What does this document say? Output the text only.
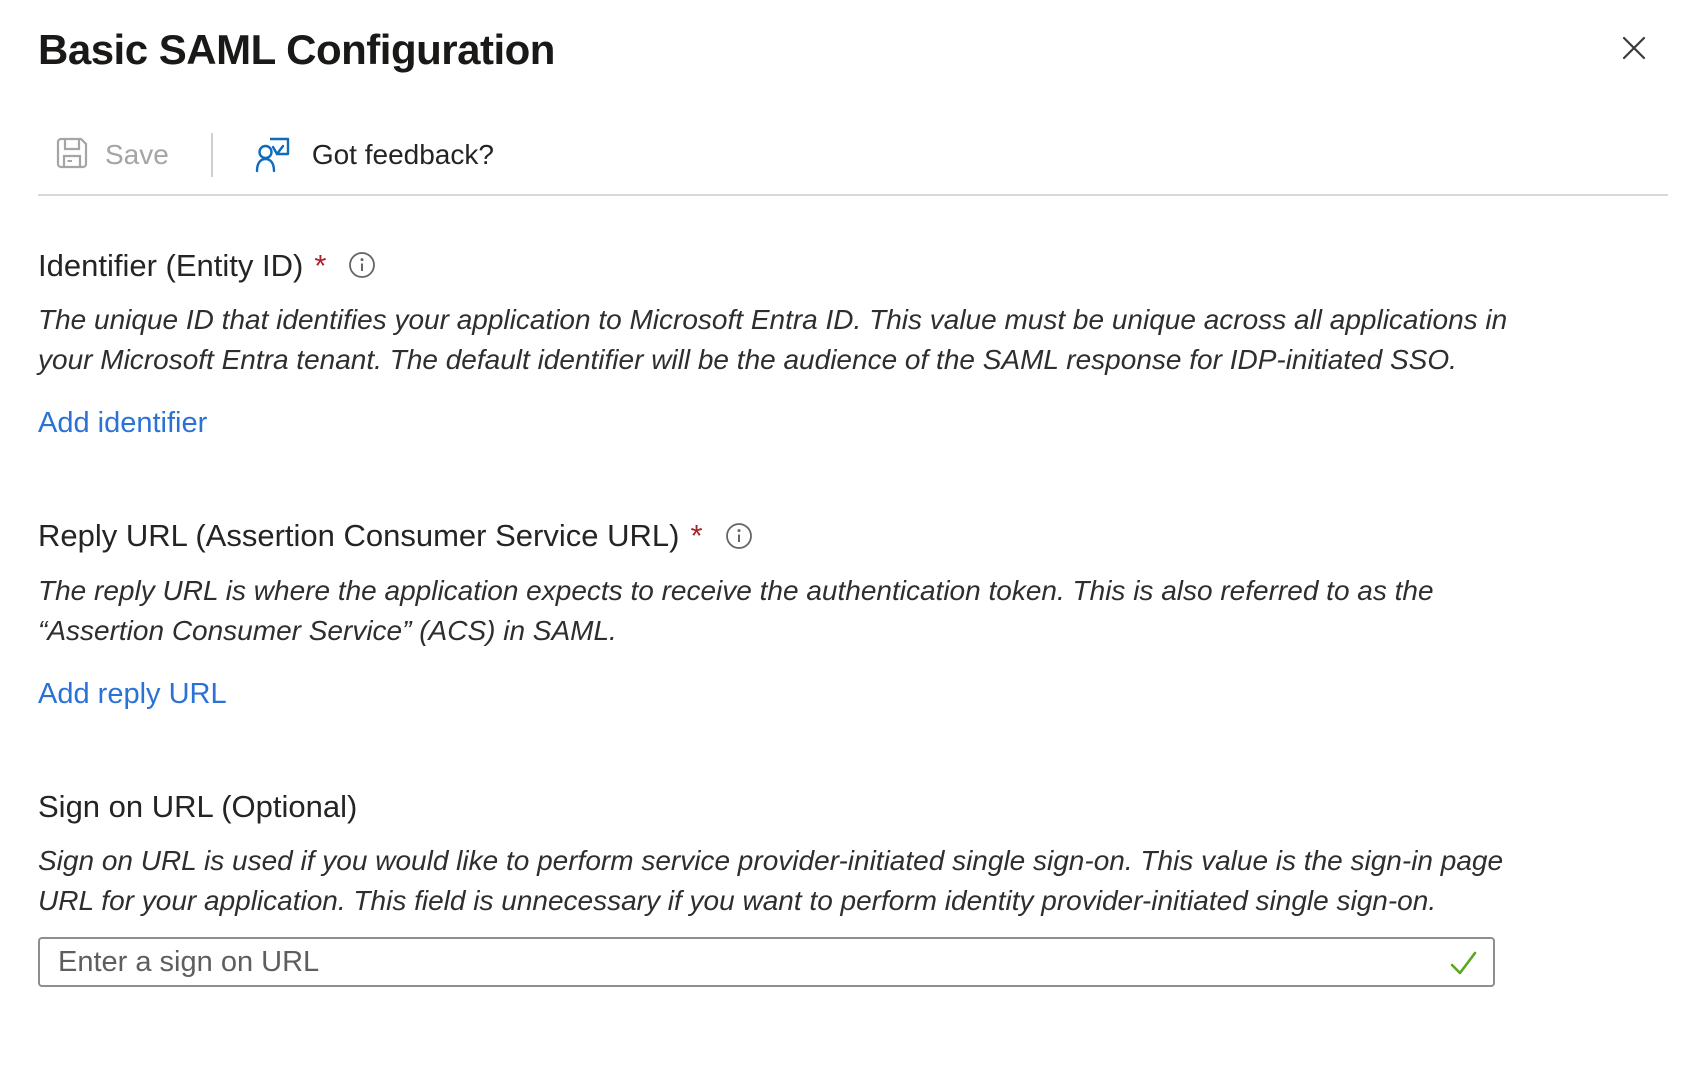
Basic SAML Configuration
Save	Got feedback?
Identifier (Entity ID) *

The unique ID that identifies your application to Microsoft Entra ID. This value must be unique across all applications in your Microsoft Entra tenant. The default identifier will be the audience of the SAML response for IDP-initiated SSO.

Add identifier
Reply URL (Assertion Consumer Service URL) *

The reply URL is where the application expects to receive the authentication token. This is also referred to as the “Assertion Consumer Service” (ACS) in SAML.

Add reply URL
Sign on URL (Optional)

Sign on URL is used if you would like to perform service provider-initiated single sign-on. This value is the sign-in page URL for your application. This field is unnecessary if you want to perform identity provider-initiated single sign-on.

Enter a sign on URL
